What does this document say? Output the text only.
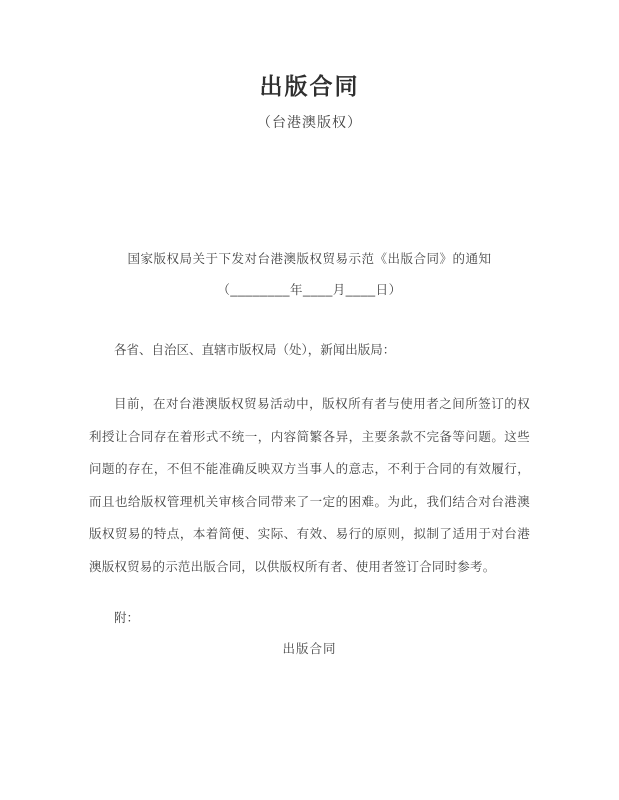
出版合同
（台港澳版权）
国家版权局关于下发对台港澳版权贸易示范《出版合同》的通知
（________年____月____日）
各省、自治区、直辖市版权局（处），新闻出版局：

目前，在对台港澳版权贸易活动中，版权所有者与使用者之间所签订的权利授让合同存在着形式不统一，内容简繁各异，主要条款不完备等问题。这些问题的存在，不但不能准确反映双方当事人的意志，不利于合同的有效履行，而且也给版权管理机关审核合同带来了一定的困难。为此，我们结合对台港澳版权贸易的特点，本着简便、实际、有效、易行的原则，拟制了适用于对台港澳版权贸易的示范出版合同，以供版权所有者、使用者签订合同时参考。

附：
出版合同
